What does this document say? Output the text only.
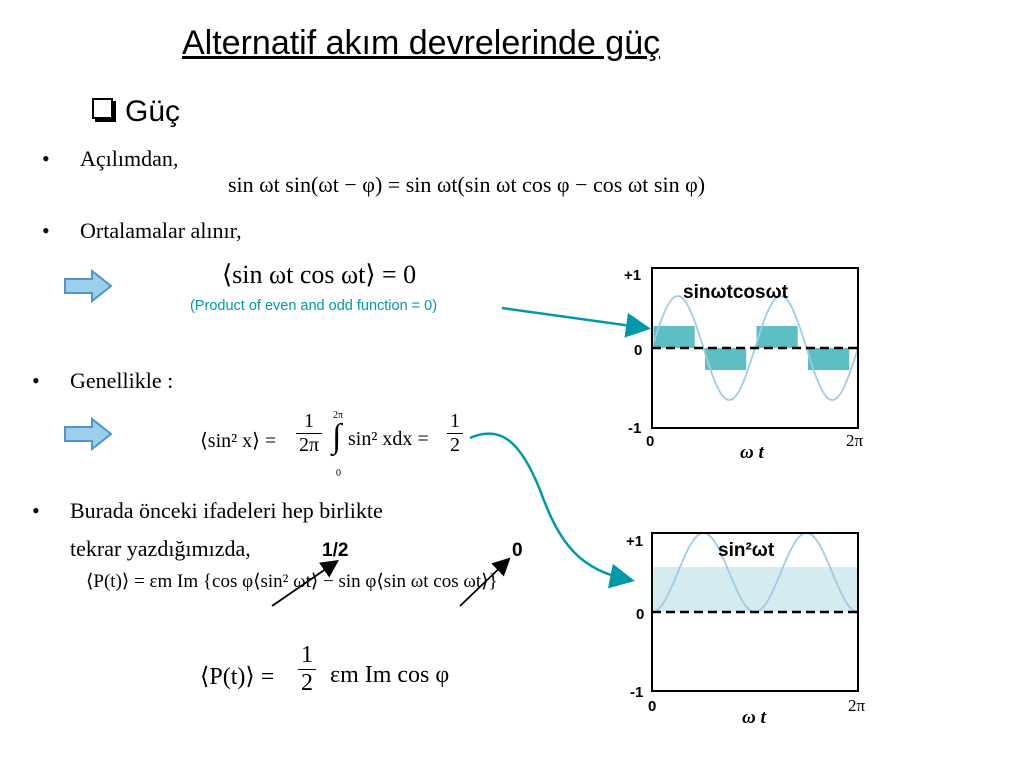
Alternatif akım devrelerinde güç
Güç
• Açılımdan,
sin ωt sin(ωt − φ) = sin ωt(sin ωt cos φ − cos ωt sin φ)
• Ortalamalar alınır,
⟨sin ωt cos ωt⟩ = 0
(Product of even and odd function = 0)
• Genellikle :
⟨sin² x⟩ = $\frac{1}{2\pi} 2\pi$
∫
0
sin² xdx = $\frac{1}{2}$
• Burada önceki ifadeleri hep birlikte
tekrar yazdığımızda,	1/2	0
⟨P(t)⟩ = εm Im {cos φ⟨sin² ωt⟩ − sin φ⟨sin ωt cos ωt⟩}
⟨P(t)⟩ = $\frac{1}{2}$ εm Im cos φ
+1
0
-1
0	2π
ω t
sinωtcosωt
+1
0
-1
0	2π
ω t
sin²ωt
